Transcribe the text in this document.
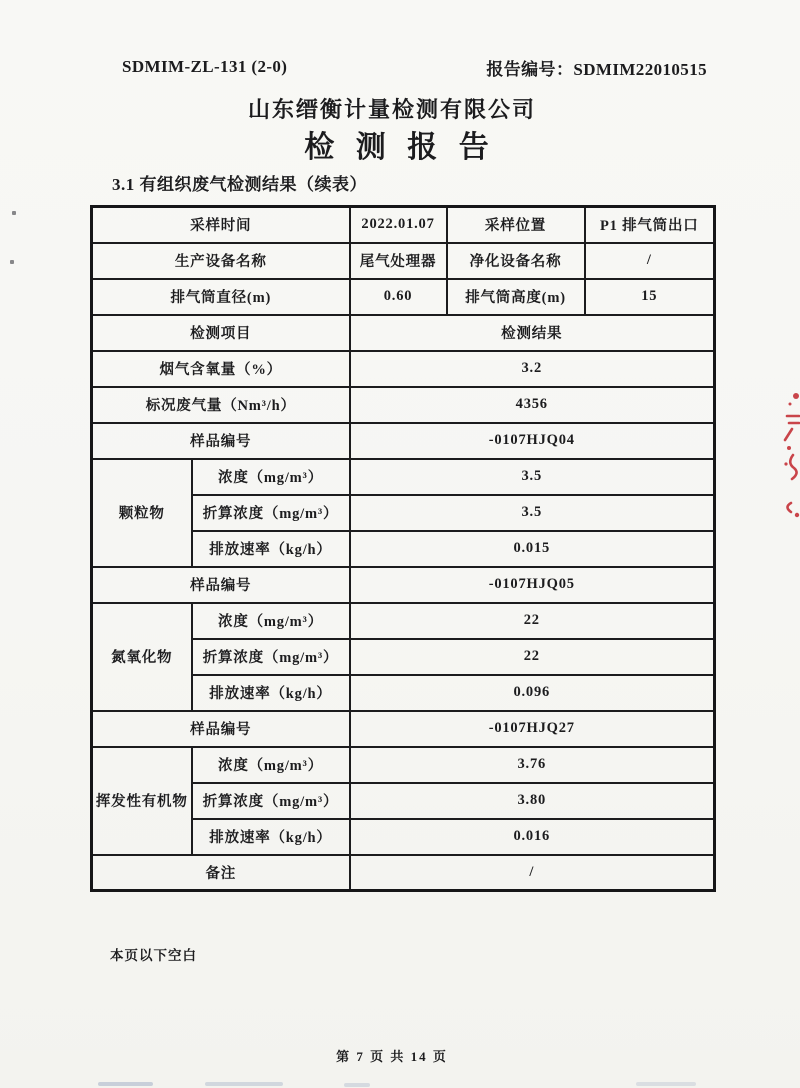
SDMIM-ZL-131 (2-0)	报告编号：SDMIM22010515
山东缙衡计量检测有限公司
检 测 报 告
3.1 有组织废气检测结果（续表）
采样时间		2022.01.07	采样位置	P1 排气筒出口
生产设备名称		尾气处理器	净化设备名称	/
排气筒直径(m)		0.60	排气筒高度(m)	15
检测项目		检测结果		
烟气含氧量（%）		3.2		
标况废气量（Nm³/h）		4356		
样品编号		-0107HJQ04		
颗粒物	浓度（mg/m³）	3.5		
	折算浓度（mg/m³）	3.5		
	排放速率（kg/h）	0.015		
样品编号		-0107HJQ05		
氮氧化物	浓度（mg/m³）	22		
	折算浓度（mg/m³）	22		
	排放速率（kg/h）	0.096		
样品编号		-0107HJQ27		
挥发性有机物	浓度（mg/m³）	3.76		
	折算浓度（mg/m³）	3.80		
	排放速率（kg/h）	0.016		
备注		/		
本页以下空白
第 7 页 共 14 页
